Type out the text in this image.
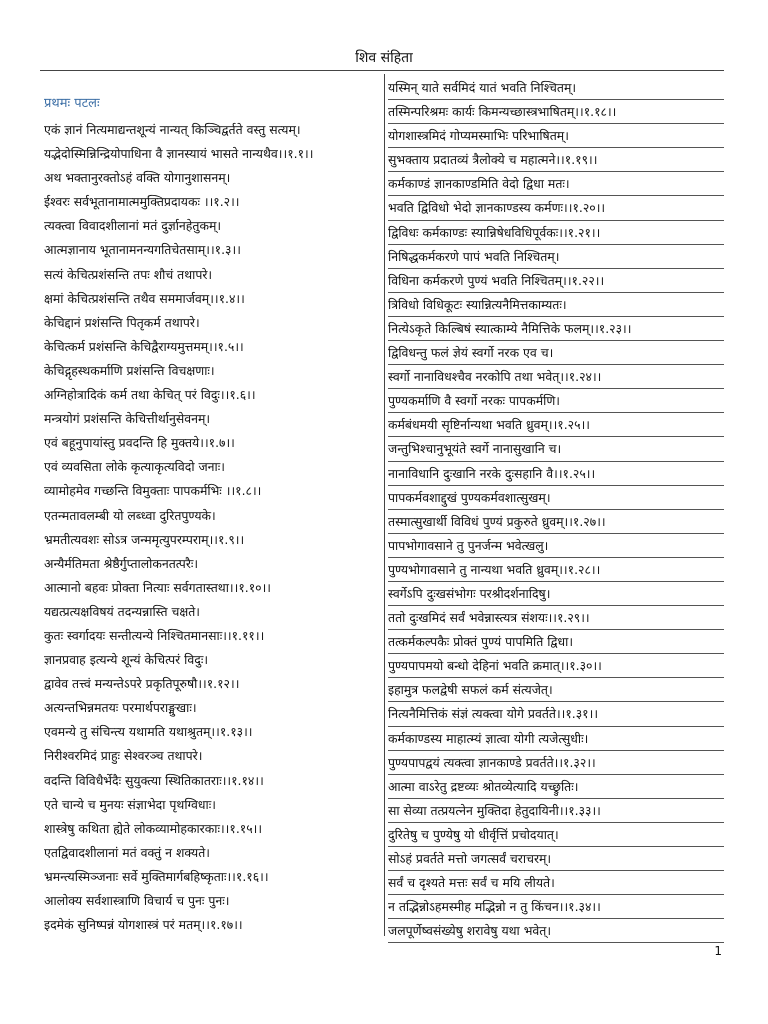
शिव संहिता
प्रथमः पटलः
एकं ज्ञानं नित्यमाद्यन्तशून्यं नान्यत् किञ्चिद्वर्तते वस्तु सत्यम्।
यद्भेदोस्मिन्निन्द्रियोपाधिना वै ज्ञानस्यायं भासते नान्यथैव।।१.१।।
अथ भक्तानुरक्तोऽहं वक्ति योगानुशासनम्।
ईश्वरः सर्वभूतानामात्ममुक्तिप्रदायकः ।।१.२।।
त्यक्त्वा विवादशीलानां मतं दुर्ज्ञानहेतुकम्।
आत्मज्ञानाय भूतानामनन्यगतिचेतसाम्।।१.३।।
सत्यं केचित्प्रशंसन्ति तपः शौचं तथापरे।
क्षमां केचित्प्रशंसन्ति तथैव सममार्जवम्।।१.४।।
केचिद्दानं प्रशंसन्ति पितृकर्म तथापरे।
केचित्कर्म प्रशंसन्ति केचिद्वैराग्यमुत्तमम्।।१.५।।
केचिद्गृहस्थकर्माणि प्रशंसन्ति विचक्षणाः।
अग्निहोत्रादिकं कर्म तथा केचित् परं विदुः।।१.६।।
मन्त्रयोगं प्रशंसन्ति केचित्तीर्थानुसेवनम्।
एवं बहूनुपायांस्तु प्रवदन्ति हि मुक्तये।।१.७।।
एवं व्यवसिता लोके कृत्याकृत्यविदो जनाः।
व्यामोहमेव गच्छन्ति विमुक्ताः पापकर्मभिः ।।१.८।।
एतन्मतावलम्बी यो लब्ध्वा दुरितपुण्यके।
भ्रमतीत्यवशः सोऽत्र जन्ममृत्युपरम्पराम्।।१.९।।
अन्यैर्मतिमता श्रेष्ठैर्गुप्तालोकनतत्परैः।
आत्मानो बहवः प्रोक्ता नित्याः सर्वगतास्तथा।।१.१०।।
यद्यत्प्रत्यक्षविषयं तदन्यन्नास्ति चक्षते।
कुतः स्वर्गादयः सन्तीत्यन्ये निश्चितमानसाः।।१.११।।
ज्ञानप्रवाह इत्यन्ये शून्यं केचित्परं विदुः।
द्वावेव तत्त्वं मन्यन्तेऽपरे प्रकृतिपूरुषौ।।१.१२।।
अत्यन्तभिन्नमतयः परमार्थपराङ्मुखाः।
एवमन्ये तु संचिन्त्य यथामति यथाश्रुतम्।।१.१३।।
निरीश्वरमिदं प्राहुः सेश्वरञ्च तथापरे।
वदन्ति विविधैर्भेदैः सुयुक्त्या स्थितिकातराः।।१.१४।।
एते चान्ये च मुनयः संज्ञाभेदा पृथग्विधाः।
शास्त्रेषु कथिता ह्येते लोकव्यामोहकारकाः।।१.१५।।
एतद्विवादशीलानां मतं वक्तुं न शक्यते।
भ्रमन्त्यस्मिञ्जनाः सर्वे मुक्तिमार्गबहिष्कृताः।।१.१६।।
आलोक्य सर्वशास्त्राणि विचार्य च पुनः पुनः।
इदमेकं सुनिष्पन्नं योगशास्त्रं परं मतम्।।१.१७।।
यस्मिन् याते सर्वमिदं यातं भवति निश्चितम्।
तस्मिन्परिश्रमः कार्यः किमन्यच्छास्त्रभाषितम्।।१.१८।।
योगशास्त्रमिदं गोप्यमस्माभिः परिभाषितम्।
सुभक्ताय प्रदातव्यं त्रैलोक्ये च महात्मने।।१.१९।।
कर्मकाण्डं ज्ञानकाण्डमिति वेदो द्विधा मतः।
भवति द्विविधो भेदो ज्ञानकाण्डस्य कर्मणः।।१.२०।।
द्विविधः कर्मकाण्डः स्यान्निषेधविधिपूर्वकः।।१.२१।।
निषिद्धकर्मकरणे पापं भवति निश्चितम्।
विधिना कर्मकरणे पुण्यं भवति निश्चितम्।।१.२२।।
त्रिविधो विधिकूटः स्यान्नित्यनैमित्तकाम्यतः।
नित्येऽकृते किल्बिषं स्यात्काम्ये नैमित्तिके फलम्।।१.२३।।
द्विविधन्तु फलं ज्ञेयं स्वर्गो नरक एव च।
स्वर्गो नानाविधश्चैव नरकोपि तथा भवेत्।।१.२४।।
पुण्यकर्माणि वै स्वर्गो नरकः पापकर्मणि।
कर्मबंधमयी सृष्टिर्नान्यथा भवति ध्रुवम्।।१.२५।।
जन्तुभिश्चानुभूयंते स्वर्गे नानासुखानि च।
नानाविधानि दुःखानि नरके दुःसहानि वै।।१.२५।।
पापकर्मवशाद्दुखं पुण्यकर्मवशात्सुखम्।
तस्मात्सुखार्थी विविधं पुण्यं प्रकुरुते ध्रुवम्।।१.२७।।
पापभोगावसाने तु पुनर्जन्म भवेत्खलु।
पुण्यभोगावसाने तु नान्यथा भवति ध्रुवम्।।१.२८।।
स्वर्गेऽपि दुःखसंभोगः परश्रीदर्शनादिषु।
ततो दुःखमिदं सर्वं भवेन्नास्त्यत्र संशयः।।१.२९।।
तत्कर्मकल्पकैः प्रोक्तं पुण्यं पापमिति द्विधा।
पुण्यपापमयो बन्धो देहिनां भवति क्रमात्।।१.३०।।
इहामुत्र फलद्वेषी सफलं कर्म संत्यजेत्।
नित्यनैमित्तिकं संज्ञं त्यक्त्वा योगे प्रवर्तते।।१.३१।।
कर्मकाण्डस्य माहात्म्यं ज्ञात्वा योगी त्यजेत्सुधीः।
पुण्यपापद्वयं त्यक्त्वा ज्ञानकाण्डे प्रवर्तते।।१.३२।।
आत्मा वाऽरेतु द्रष्टव्यः श्रोतव्येत्यादि यच्छ्रुतिः।
सा सेव्या तत्प्रयत्नेन मुक्तिदा हेतुदायिनी।।१.३३।।
दुरितेषु च पुण्येषु यो धीर्वृत्तिं प्रचोदयात्।
सोऽहं प्रवर्तते मत्तो जगत्सर्वं चराचरम्।
सर्वं च दृश्यते मत्तः सर्वं च मयि लीयते।
न तद्भिन्नोऽहमस्मीह मद्भिन्नो न तु किंचन।।१.३४।।
जलपूर्णेष्वसंख्येषु शरावेषु यथा भवेत्।
1
